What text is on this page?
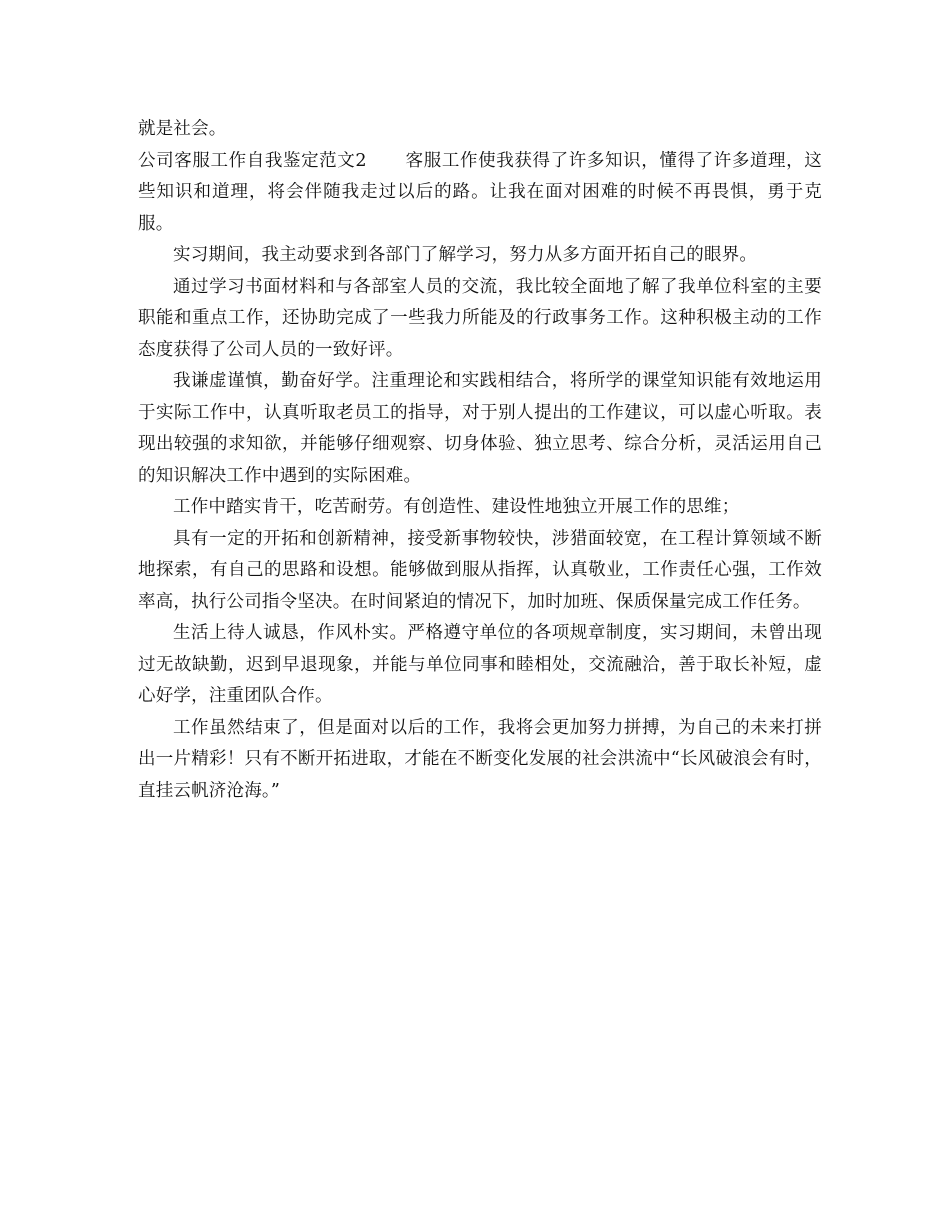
就是社会。

公司客服工作自我鉴定范文2 客服工作使我获得了许多知识，懂得了许多道理，这些知识和道理，将会伴随我走过以后的路。让我在面对困难的时候不再畏惧，勇于克服。

实习期间，我主动要求到各部门了解学习，努力从多方面开拓自己的眼界。

通过学习书面材料和与各部室人员的交流，我比较全面地了解了我单位科室的主要职能和重点工作，还协助完成了一些我力所能及的行政事务工作。这种积极主动的工作态度获得了公司人员的一致好评。

我谦虚谨慎，勤奋好学。注重理论和实践相结合，将所学的课堂知识能有效地运用于实际工作中，认真听取老员工的指导，对于别人提出的工作建议，可以虚心听取。表现出较强的求知欲，并能够仔细观察、切身体验、独立思考、综合分析，灵活运用自己的知识解决工作中遇到的实际困难。

工作中踏实肯干，吃苦耐劳。有创造性、建设性地独立开展工作的思维；

具有一定的开拓和创新精神，接受新事物较快，涉猎面较宽，在工程计算领域不断地探索，有自己的思路和设想。能够做到服从指挥，认真敬业，工作责任心强，工作效率高，执行公司指令坚决。在时间紧迫的情况下，加时加班、保质保量完成工作任务。

生活上待人诚恳，作风朴实。严格遵守单位的各项规章制度，实习期间，未曾出现过无故缺勤，迟到早退现象，并能与单位同事和睦相处，交流融洽，善于取长补短，虚心好学，注重团队合作。

工作虽然结束了，但是面对以后的工作，我将会更加努力拼搏，为自己的未来打拼出一片精彩！只有不断开拓进取，才能在不断变化发展的社会洪流中“长风破浪会有时，直挂云帆济沧海。”
